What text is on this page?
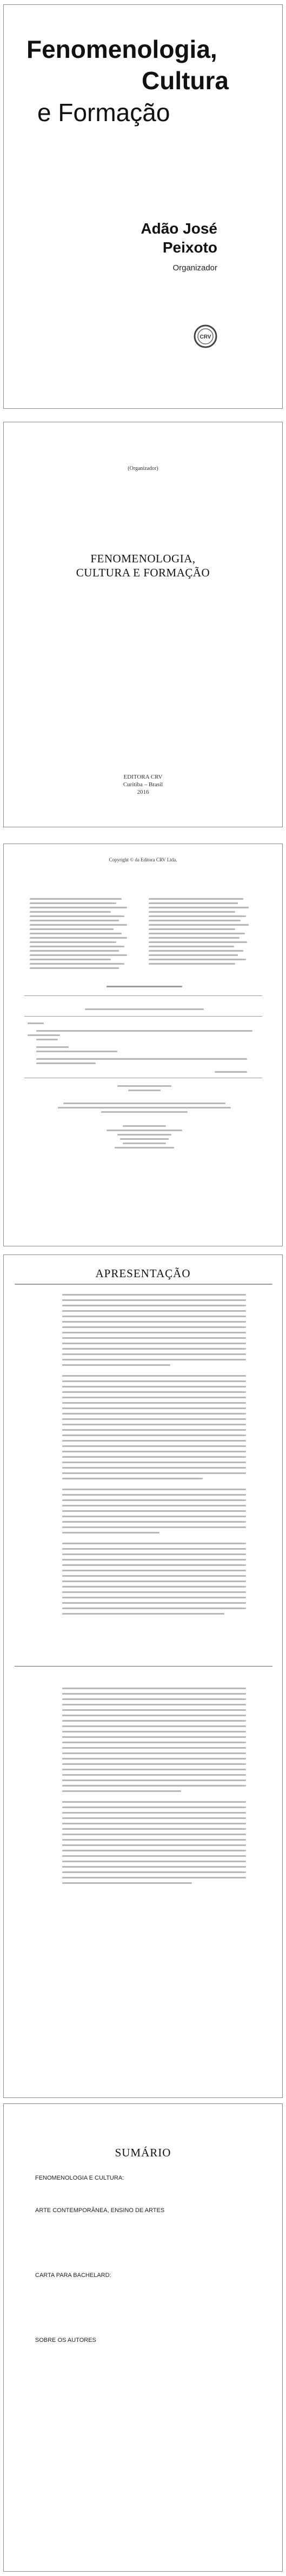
Fenomenologia,
Cultura
e Formação
Adão José
Peixoto
Organizador
CRV
(Organizador)
FENOMENOLOGIA,
CULTURA E FORMAÇÃO
EDITORA CRV
Curitiba – Brasil
2016
Copyright © da Editora CRV Ltda.
APRESENTAÇÃO
SUMÁRIO
FENOMENOLOGIA E CULTURA:
ARTE CONTEMPORÂNEA, ENSINO DE ARTES
CARTA PARA BACHELARD:
SOBRE OS AUTORES
